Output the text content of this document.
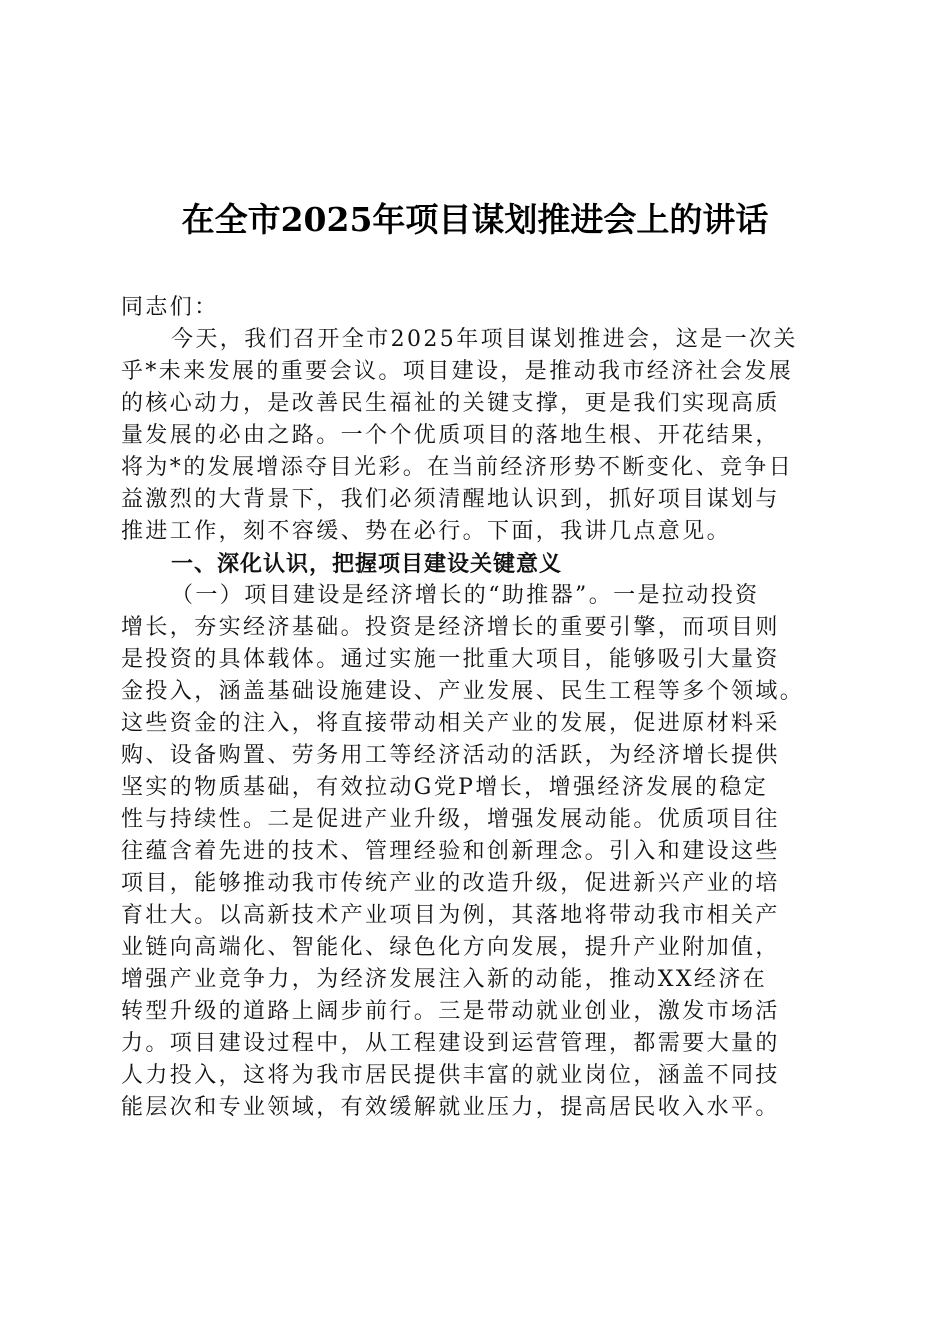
在全市2025年项目谋划推进会上的讲话
同志们：
今天，我们召开全市2025年项目谋划推进会，这是一次关
乎*未来发展的重要会议。项目建设，是推动我市经济社会发展
的核心动力，是改善民生福祉的关键支撑，更是我们实现高质
量发展的必由之路。一个个优质项目的落地生根、开花结果，
将为*的发展增添夺目光彩。在当前经济形势不断变化、竞争日
益激烈的大背景下，我们必须清醒地认识到，抓好项目谋划与
推进工作，刻不容缓、势在必行。下面，我讲几点意见。
一、深化认识，把握项目建设关键意义
（一）项目建设是经济增长的“助推器”。一是拉动投资
增长，夯实经济基础。投资是经济增长的重要引擎，而项目则
是投资的具体载体。通过实施一批重大项目，能够吸引大量资
金投入，涵盖基础设施建设、产业发展、民生工程等多个领域。
这些资金的注入，将直接带动相关产业的发展，促进原材料采
购、设备购置、劳务用工等经济活动的活跃，为经济增长提供
坚实的物质基础，有效拉动G党P增长，增强经济发展的稳定
性与持续性。二是促进产业升级，增强发展动能。优质项目往
往蕴含着先进的技术、管理经验和创新理念。引入和建设这些
项目，能够推动我市传统产业的改造升级，促进新兴产业的培
育壮大。以高新技术产业项目为例，其落地将带动我市相关产
业链向高端化、智能化、绿色化方向发展，提升产业附加值，
增强产业竞争力，为经济发展注入新的动能，推动XX经济在
转型升级的道路上阔步前行。三是带动就业创业，激发市场活
力。项目建设过程中，从工程建设到运营管理，都需要大量的
人力投入，这将为我市居民提供丰富的就业岗位，涵盖不同技
能层次和专业领域，有效缓解就业压力，提高居民收入水平。
